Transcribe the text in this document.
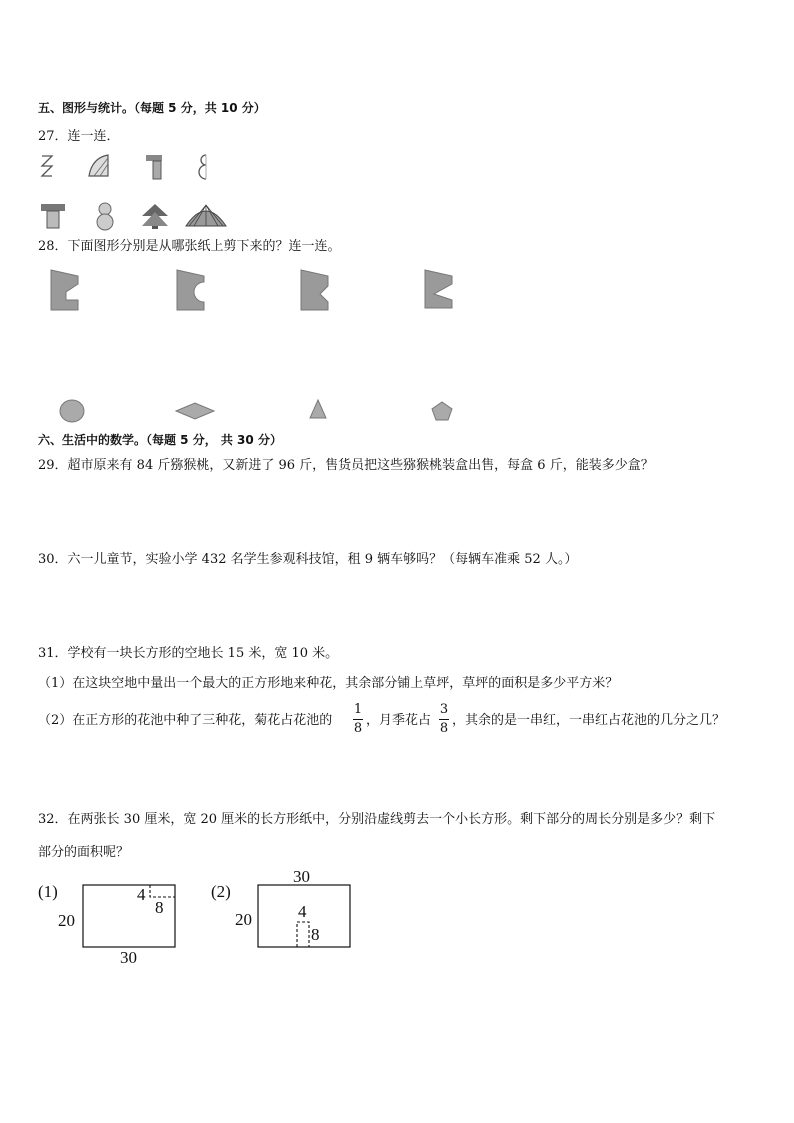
五、图形与统计。（每题 5 分，共 10 分）
27．连一连．
28．下面图形分别是从哪张纸上剪下来的？连一连。
六、生活中的数学。（每题 5 分， 共 30 分）
29．超市原来有 84 斤猕猴桃，又新进了 96 斤，售货员把这些猕猴桃装盒出售，每盒 6 斤，能装多少盒？
30．六一儿童节，实验小学 432 名学生参观科技馆，租 9 辆车够吗？（每辆车准乘 52 人。）
31．学校有一块长方形的空地长 15 米，宽 10 米。
（1）在这块空地中量出一个最大的正方形地来种花，其余部分铺上草坪，草坪的面积是多少平方米？
（2）在正方形的花池中种了三种花，菊花占花池的
1
8
，月季花占
3
8
，其余的是一串红，一串红占花池的几分之几？
32．在两张长 30 厘米，宽 20 厘米的长方形纸中，分别沿虚线剪去一个小长方形。剩下部分的周长分别是多少？剩下
部分的面积呢？
(1)
20
30
4
8
(2)
30
20	4
8
